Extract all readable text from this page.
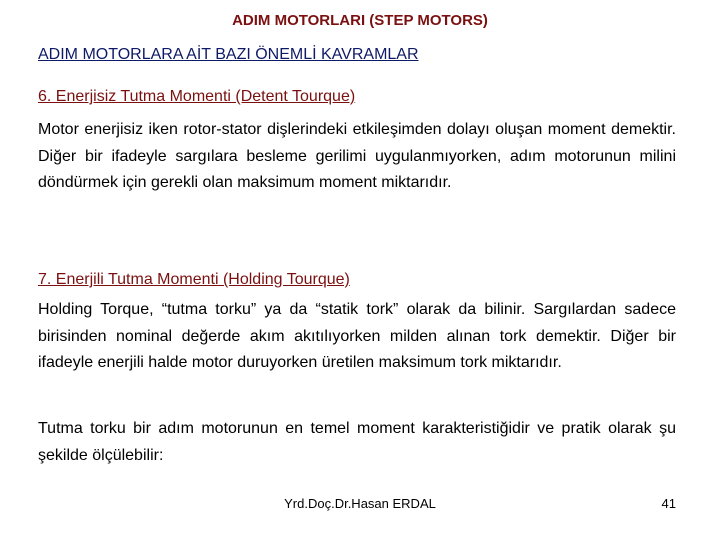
ADIM MOTORLARI (STEP MOTORS)
ADIM MOTORLARA AİT BAZI ÖNEMLİ KAVRAMLAR
6. Enerjisiz Tutma Momenti (Detent Tourque)
Motor enerjisiz iken rotor-stator dişlerindeki etkileşimden dolayı oluşan moment demektir. Diğer bir ifadeyle sargılara besleme gerilimi uygulanmıyorken, adım motorunun milini döndürmek için gerekli olan maksimum moment miktarıdır.
7. Enerjili Tutma Momenti (Holding Tourque)
Holding Torque, “tutma torku” ya da “statik tork” olarak da bilinir. Sargılardan sadece birisinden nominal değerde akım akıtılıyorken milden alınan tork demektir. Diğer bir ifadeyle enerjili halde motor duruyorken üretilen maksimum tork miktarıdır.
Tutma torku bir adım motorunun en temel moment karakteristiğidir ve pratik olarak şu şekilde ölçülebilir:
Yrd.Doç.Dr.Hasan ERDAL	41
